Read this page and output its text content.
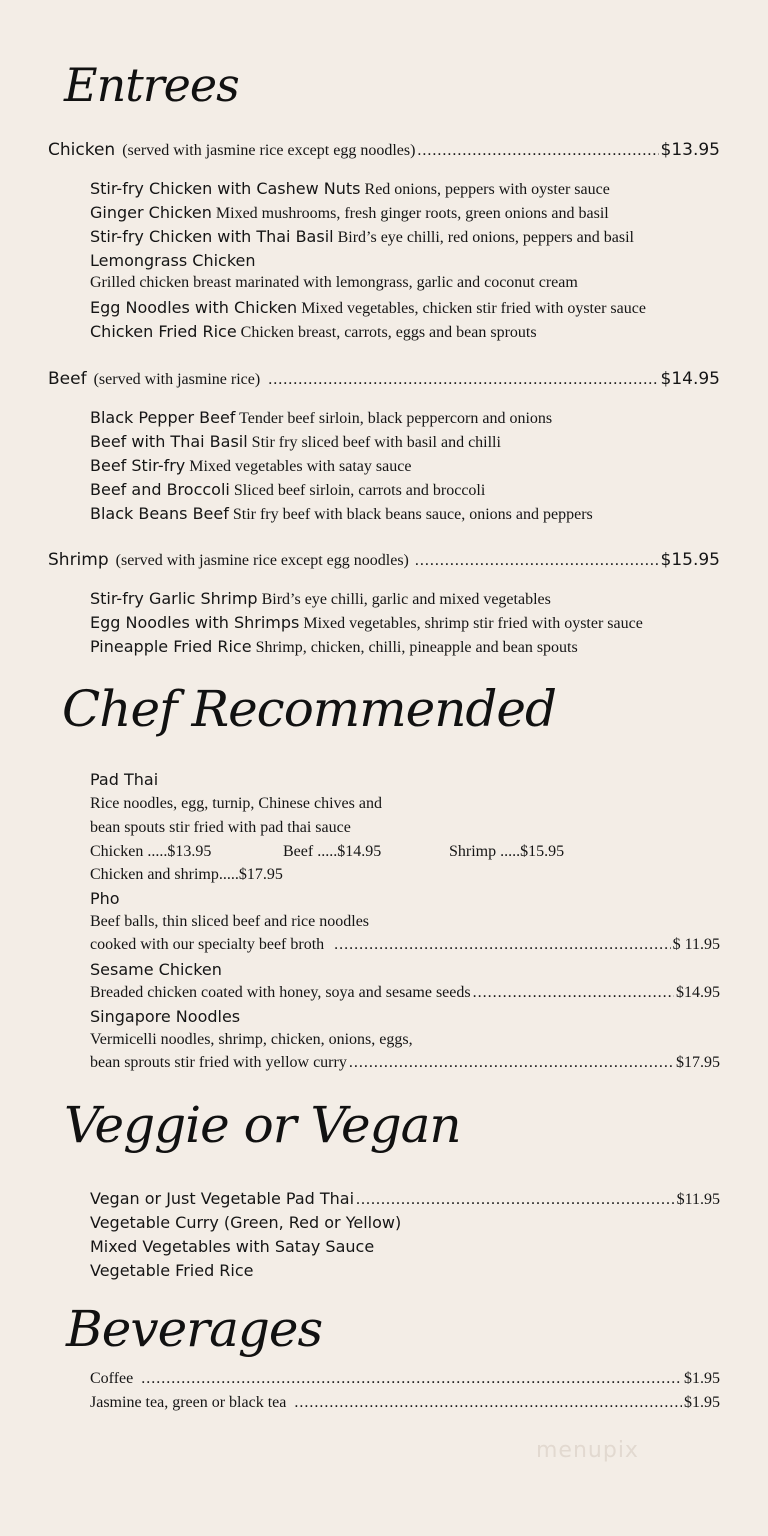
Entrees
Chicken (served with jasmine rice except egg noodles) .....	$13.95
Stir-fry Chicken with Cashew Nuts Red onions, peppers with oyster sauce
Ginger Chicken Mixed mushrooms, fresh ginger roots, green onions and basil
Stir-fry Chicken with Thai Basil Bird’s eye chilli, red onions, peppers and basil
Lemongrass Chicken
Grilled chicken breast marinated with lemongrass, garlic and coconut cream
Egg Noodles with Chicken Mixed vegetables, chicken stir fried with oyster sauce
Chicken Fried Rice Chicken breast, carrots, eggs and bean sprouts
Beef (served with jasmine rice) .....	$14.95
Black Pepper Beef Tender beef sirloin, black peppercorn and onions
Beef with Thai Basil Stir fry sliced beef with basil and chilli
Beef Stir-fry Mixed vegetables with satay sauce
Beef and Broccoli Sliced beef sirloin, carrots and broccoli
Black Beans Beef Stir fry beef with black beans sauce, onions and peppers
Shrimp (served with jasmine rice except egg noodles) .....	$15.95
Stir-fry Garlic Shrimp Bird’s eye chilli, garlic and mixed vegetables
Egg Noodles with Shrimps Mixed vegetables, shrimp stir fried with oyster sauce
Pineapple Fried Rice Shrimp, chicken, chilli, pineapple and bean spouts
Chef Recommended
Pad Thai
Rice noodles, egg, turnip, Chinese chives and
bean spouts stir fried with pad thai sauce
Chicken .....$13.95	Beef .....$14.95	Shrimp .....$15.95
Chicken and shrimp.....$17.95
Pho
Beef balls, thin sliced beef and rice noodles
cooked with our specialty beef broth .....	$ 11.95
Sesame Chicken
Breaded chicken coated with honey, soya and sesame seeds .....	$14.95
Singapore Noodles
Vermicelli noodles, shrimp, chicken, onions, eggs,
bean sprouts stir fried with yellow curry .....	$17.95
Veggie or Vegan
Vegan or Just Vegetable Pad Thai .....	$11.95
Vegetable Curry (Green, Red or Yellow)
Mixed Vegetables with Satay Sauce
Vegetable Fried Rice
Beverages
Coffee .....	$1.95
Jasmine tea, green or black tea .....	$1.95
menupix
